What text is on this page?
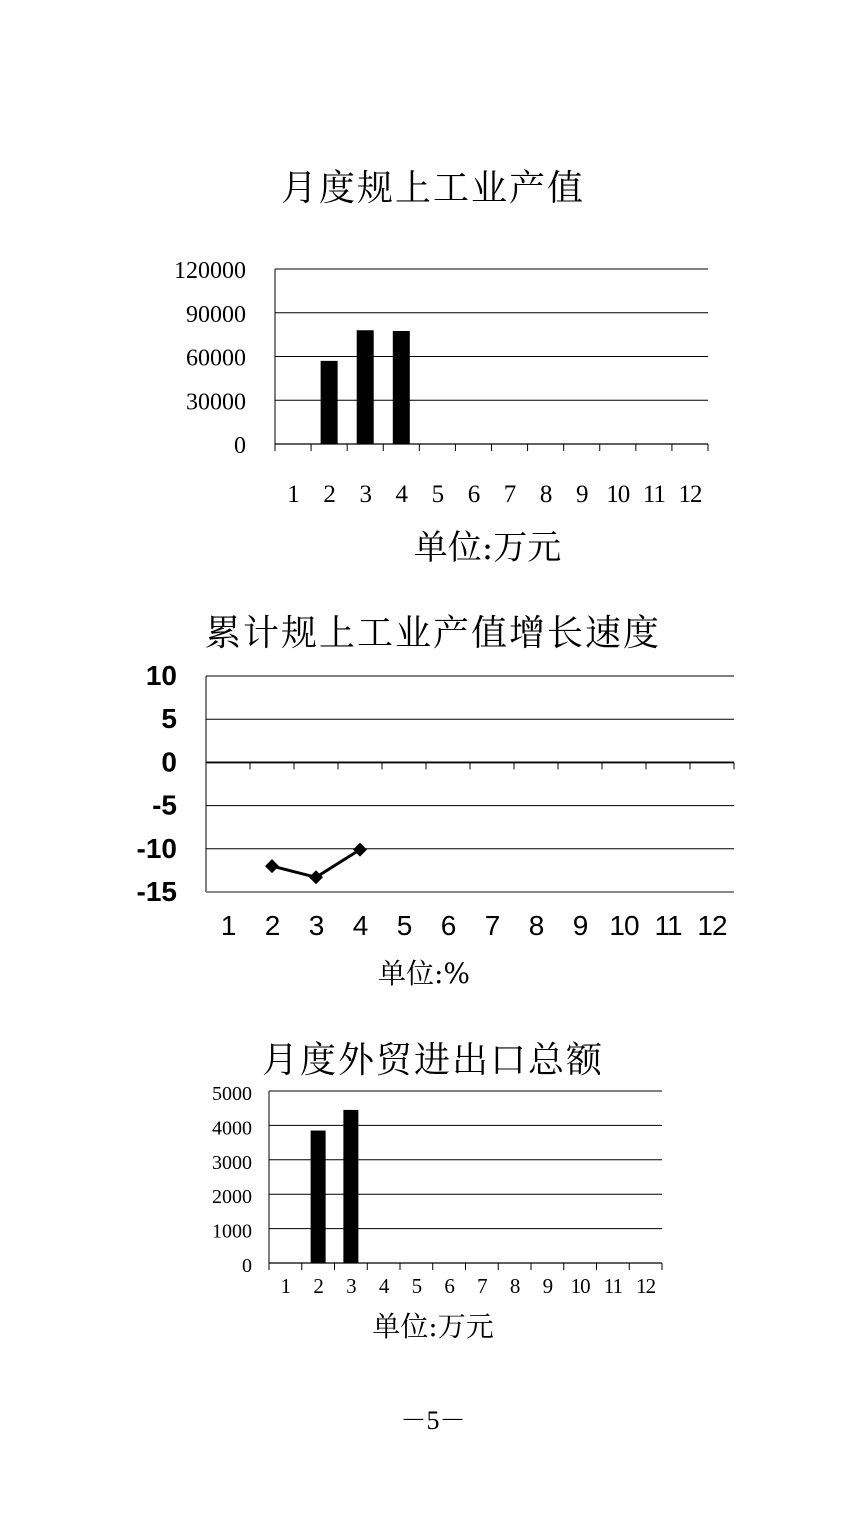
月度规上工业产值
0
30000
60000
90000
120000
1 2 3 4 5 6 7 8 9 10 11 12
单位:万元
累计规上工业产值增长速度
-15
-10
-5
0
5
10
1 2 3 4 5 6 7 8 9 10 11 12
单位:%
月度外贸进出口总额
0
1000
2000
3000
4000
5000
1 2 3 4 5 6 7 8 9 10 11 12
单位:万元
－5－
